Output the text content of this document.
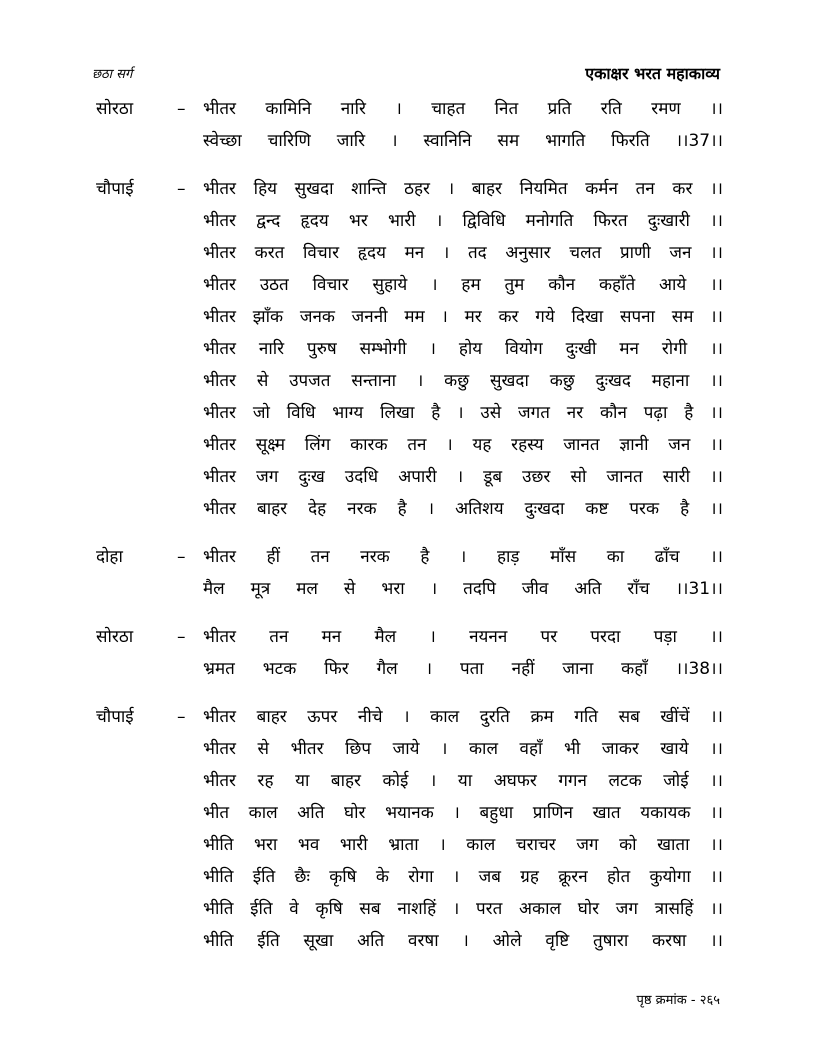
छठा सर्ग	एकाक्षर भरत महाकाव्य
सोरठा	– भीतर कामिनि नारि । चाहत नित प्रति रति रमण ।।
स्वेच्छा चारिणि जारि । स्वानिनि सम भागति फिरति ।।37।।
चौपाई	– भीतर हिय सुखदा शान्ति ठहर । बाहर नियमित कर्मन तन कर ।।
भीतर द्वन्द हृदय भर भारी । द्विविधि मनोगति फिरत दुःखारी ।।
भीतर करत विचार हृदय मन । तद अनुसार चलत प्राणी जन ।।
भीतर उठत विचार सुहाये । हम तुम कौन कहाँते आये ।।
भीतर झाँक जनक जननी मम । मर कर गये दिखा सपना सम ।।
भीतर नारि पुरुष सम्भोगी । होय वियोग दुःखी मन रोगी ।।
भीतर से उपजत सन्ताना । कछु सुखदा कछु दुःखद महाना ।।
भीतर जो विधि भाग्य लिखा है । उसे जगत नर कौन पढ़ा है ।।
भीतर सूक्ष्म लिंग कारक तन । यह रहस्य जानत ज्ञानी जन ।।
भीतर जग दुःख उदधि अपारी । डूब उछर सो जानत सारी ।।
भीतर बाहर देह नरक है । अतिशय दुःखदा कष्ट परक है ।।
दोहा	– भीतर हीं तन नरक है । हाड़ माँस का ढाँच ।।
मैल मूत्र मल से भरा । तदपि जीव अति राँच ।।31।।
सोरठा	– भीतर तन मन मैल । नयनन पर परदा पड़ा ।।
भ्रमत भटक फिर गैल । पता नहीं जाना कहाँ ।।38।।
चौपाई	– भीतर बाहर ऊपर नीचे । काल दुरति क्रम गति सब खींचें ।।
भीतर से भीतर छिप जाये । काल वहाँ भी जाकर खाये ।।
भीतर रह या बाहर कोई । या अघफर गगन लटक जोई ।।
भीत काल अति घोर भयानक । बहुधा प्राणिन खात यकायक ।।
भीति भरा भव भारी भ्राता । काल चराचर जग को खाता ।।
भीति ईति छैः कृषि के रोगा । जब ग्रह क्रूरन होत कुयोगा ।।
भीति ईति वे कृषि सब नाशहिं । परत अकाल घोर जग त्रासहिं ।।
भीति ईति सूखा अति वरषा । ओले वृष्टि तुषारा करषा ।।
पृष्ठ क्रमांक - २६५
